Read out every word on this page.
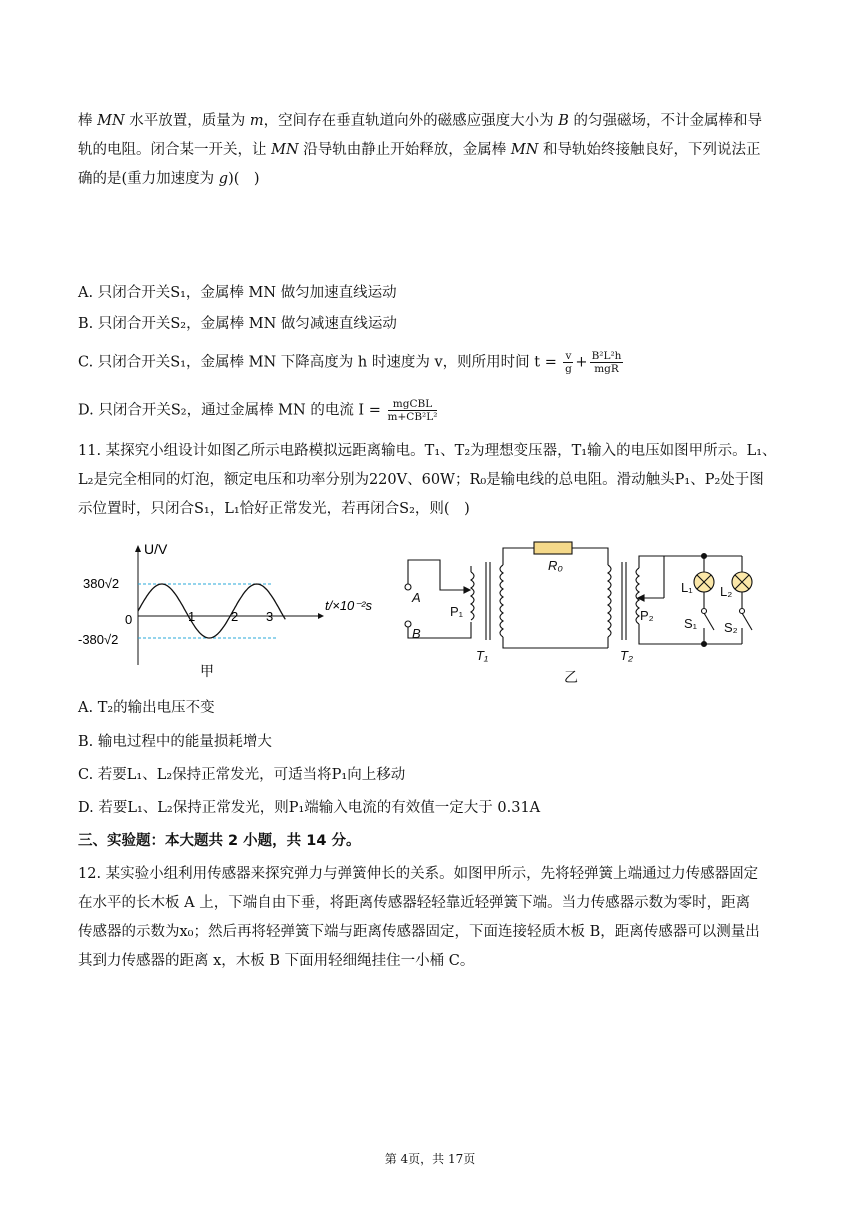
棒 MN 水平放置，质量为 m，空间存在垂直轨道向外的磁感应强度大小为 B 的匀强磁场，不计金属棒和导
轨的电阻。闭合某一开关，让 MN 沿导轨由静止开始释放，金属棒 MN 和导轨始终接触良好，下列说法正
确的是(重力加速度为 g)(　)
A. 只闭合开关S₁，金属棒 MN 做匀加速直线运动
B. 只闭合开关S₂，金属棒 MN 做匀减速直线运动
C. 只闭合开关S₁，金属棒 MN 下降高度为 h 时速度为 v，则所用时间 $t = \frac{v}{g} + \frac{\text{B²L²h}}{\text{mgR}}$
D. 只闭合开关S₂，通过金属棒 MN 的电流 $I = \frac{\text{mgCBL}}{\text{m+CB²L²}}$
11. 某探究小组设计如图乙所示电路模拟远距离输电。T₁、T₂为理想变压器，T₁输入的电压如图甲所示。L₁、
L₂是完全相同的灯泡，额定电压和功率分别为220V、60W；R₀是输电线的总电阻。滑动触头P₁、P₂处于图
示位置时，只闭合S₁，L₁恰好正常发光，若再闭合S₂，则(　)
U/V
380√2
0
-380√2
1	2 3
t/×10⁻²s
甲
A
B
P₁
T₁
R₀
T₂
P₂
L₁ L₂
S₁ S₂
乙
A. T₂的输出电压不变
B. 输电过程中的能量损耗增大
C. 若要L₁、L₂保持正常发光，可适当将P₁向上移动
D. 若要L₁、L₂保持正常发光，则P₁端输入电流的有效值一定大于 0.31A
三、实验题：本大题共 2 小题，共 14 分。
12. 某实验小组利用传感器来探究弹力与弹簧伸长的关系。如图甲所示，先将轻弹簧上端通过力传感器固定
在水平的长木板 A 上，下端自由下垂，将距离传感器轻轻靠近轻弹簧下端。当力传感器示数为零时，距离
传感器的示数为x₀；然后再将轻弹簧下端与距离传感器固定，下面连接轻质木板 B，距离传感器可以测量出
其到力传感器的距离 x，木板 B 下面用轻细绳挂住一小桶 C。
第 4页，共 17页
